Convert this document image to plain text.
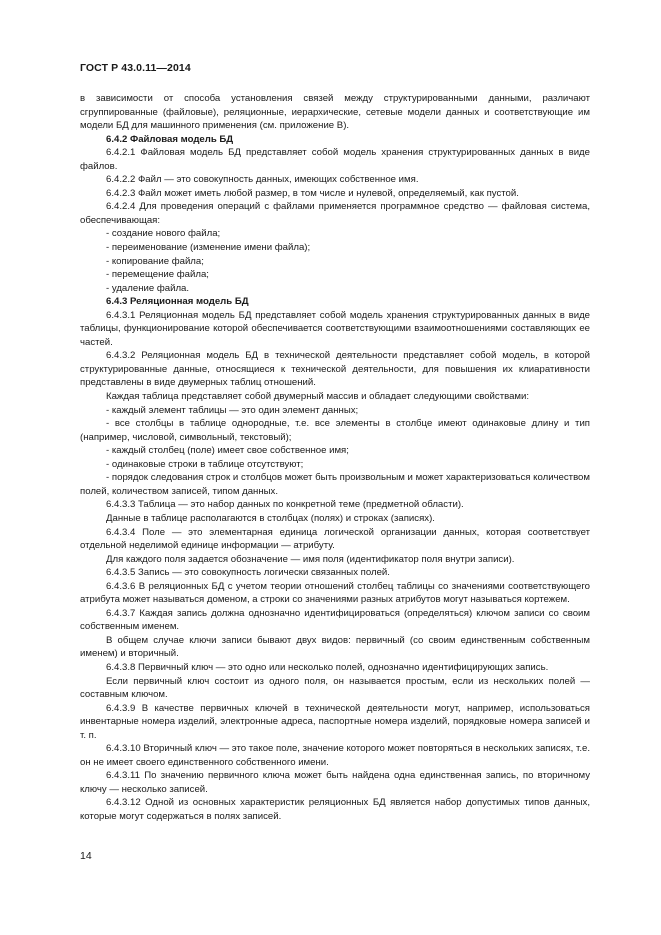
ГОСТ Р 43.0.11—2014

в зависимости от способа установления связей между структурированными данными, различают сгруппированные (файловые), реляционные, иерархические, сетевые модели данных и соответствующие им модели БД для машинного применения (см. приложение В).

6.4.2 Файловая модель БД

6.4.2.1 Файловая модель БД представляет собой модель хранения структурированных данных в виде файлов.

6.4.2.2 Файл — это совокупность данных, имеющих собственное имя.

6.4.2.3 Файл может иметь любой размер, в том числе и нулевой, определяемый, как пустой.

6.4.2.4 Для проведения операций с файлами применяется программное средство — файловая система, обеспечивающая:

- создание нового файла;

- переименование (изменение имени файла);

- копирование файла;

- перемещение файла;

- удаление файла.

6.4.3 Реляционная модель БД

6.4.3.1 Реляционная модель БД представляет собой модель хранения структурированных данных в виде таблицы, функционирование которой обеспечивается соответствующими взаимоотношениями составляющих ее частей.

6.4.3.2 Реляционная модель БД в технической деятельности представляет собой модель, в которой структурированные данные, относящиеся к технической деятельности, для повышения их клиаративности представлены в виде двумерных таблиц отношений.

Каждая таблица представляет собой двумерный массив и обладает следующими свойствами:

- каждый элемент таблицы — это один элемент данных;

- все столбцы в таблице однородные, т.е. все элементы в столбце имеют одинаковые длину и тип (например, числовой, символьный, текстовый);

- каждый столбец (поле) имеет свое собственное имя;

- одинаковые строки в таблице отсутствуют;

- порядок следования строк и столбцов может быть произвольным и может характеризоваться количеством полей, количеством записей, типом данных.

6.4.3.3 Таблица — это набор данных по конкретной теме (предметной области).

Данные в таблице располагаются в столбцах (полях) и строках (записях).

6.4.3.4 Поле — это элементарная единица логической организации данных, которая соответствует отдельной неделимой единице информации — атрибуту.

Для каждого поля задается обозначение — имя поля (идентификатор поля внутри записи).

6.4.3.5 Запись — это совокупность логически связанных полей.

6.4.3.6 В реляционных БД с учетом теории отношений столбец таблицы со значениями соответствующего атрибута может называться доменом, а строки со значениями разных атрибутов могут называться кортежем.

6.4.3.7 Каждая запись должна однозначно идентифицироваться (определяться) ключом записи со своим собственным именем.

В общем случае ключи записи бывают двух видов: первичный (со своим единственным собственным именем) и вторичный.

6.4.3.8 Первичный ключ — это одно или несколько полей, однозначно идентифицирующих запись.

Если первичный ключ состоит из одного поля, он называется простым, если из нескольких полей — составным ключом.

6.4.3.9 В качестве первичных ключей в технической деятельности могут, например, использоваться инвентарные номера изделий, электронные адреса, паспортные номера изделий, порядковые номера записей и т. п.

6.4.3.10 Вторичный ключ — это такое поле, значение которого может повторяться в нескольких записях, т.е. он не имеет своего единственного собственного имени.

6.4.3.11 По значению первичного ключа может быть найдена одна единственная запись, по вторичному ключу — несколько записей.

6.4.3.12 Одной из основных характеристик реляционных БД является набор допустимых типов данных, которые могут содержаться в полях записей.

14
